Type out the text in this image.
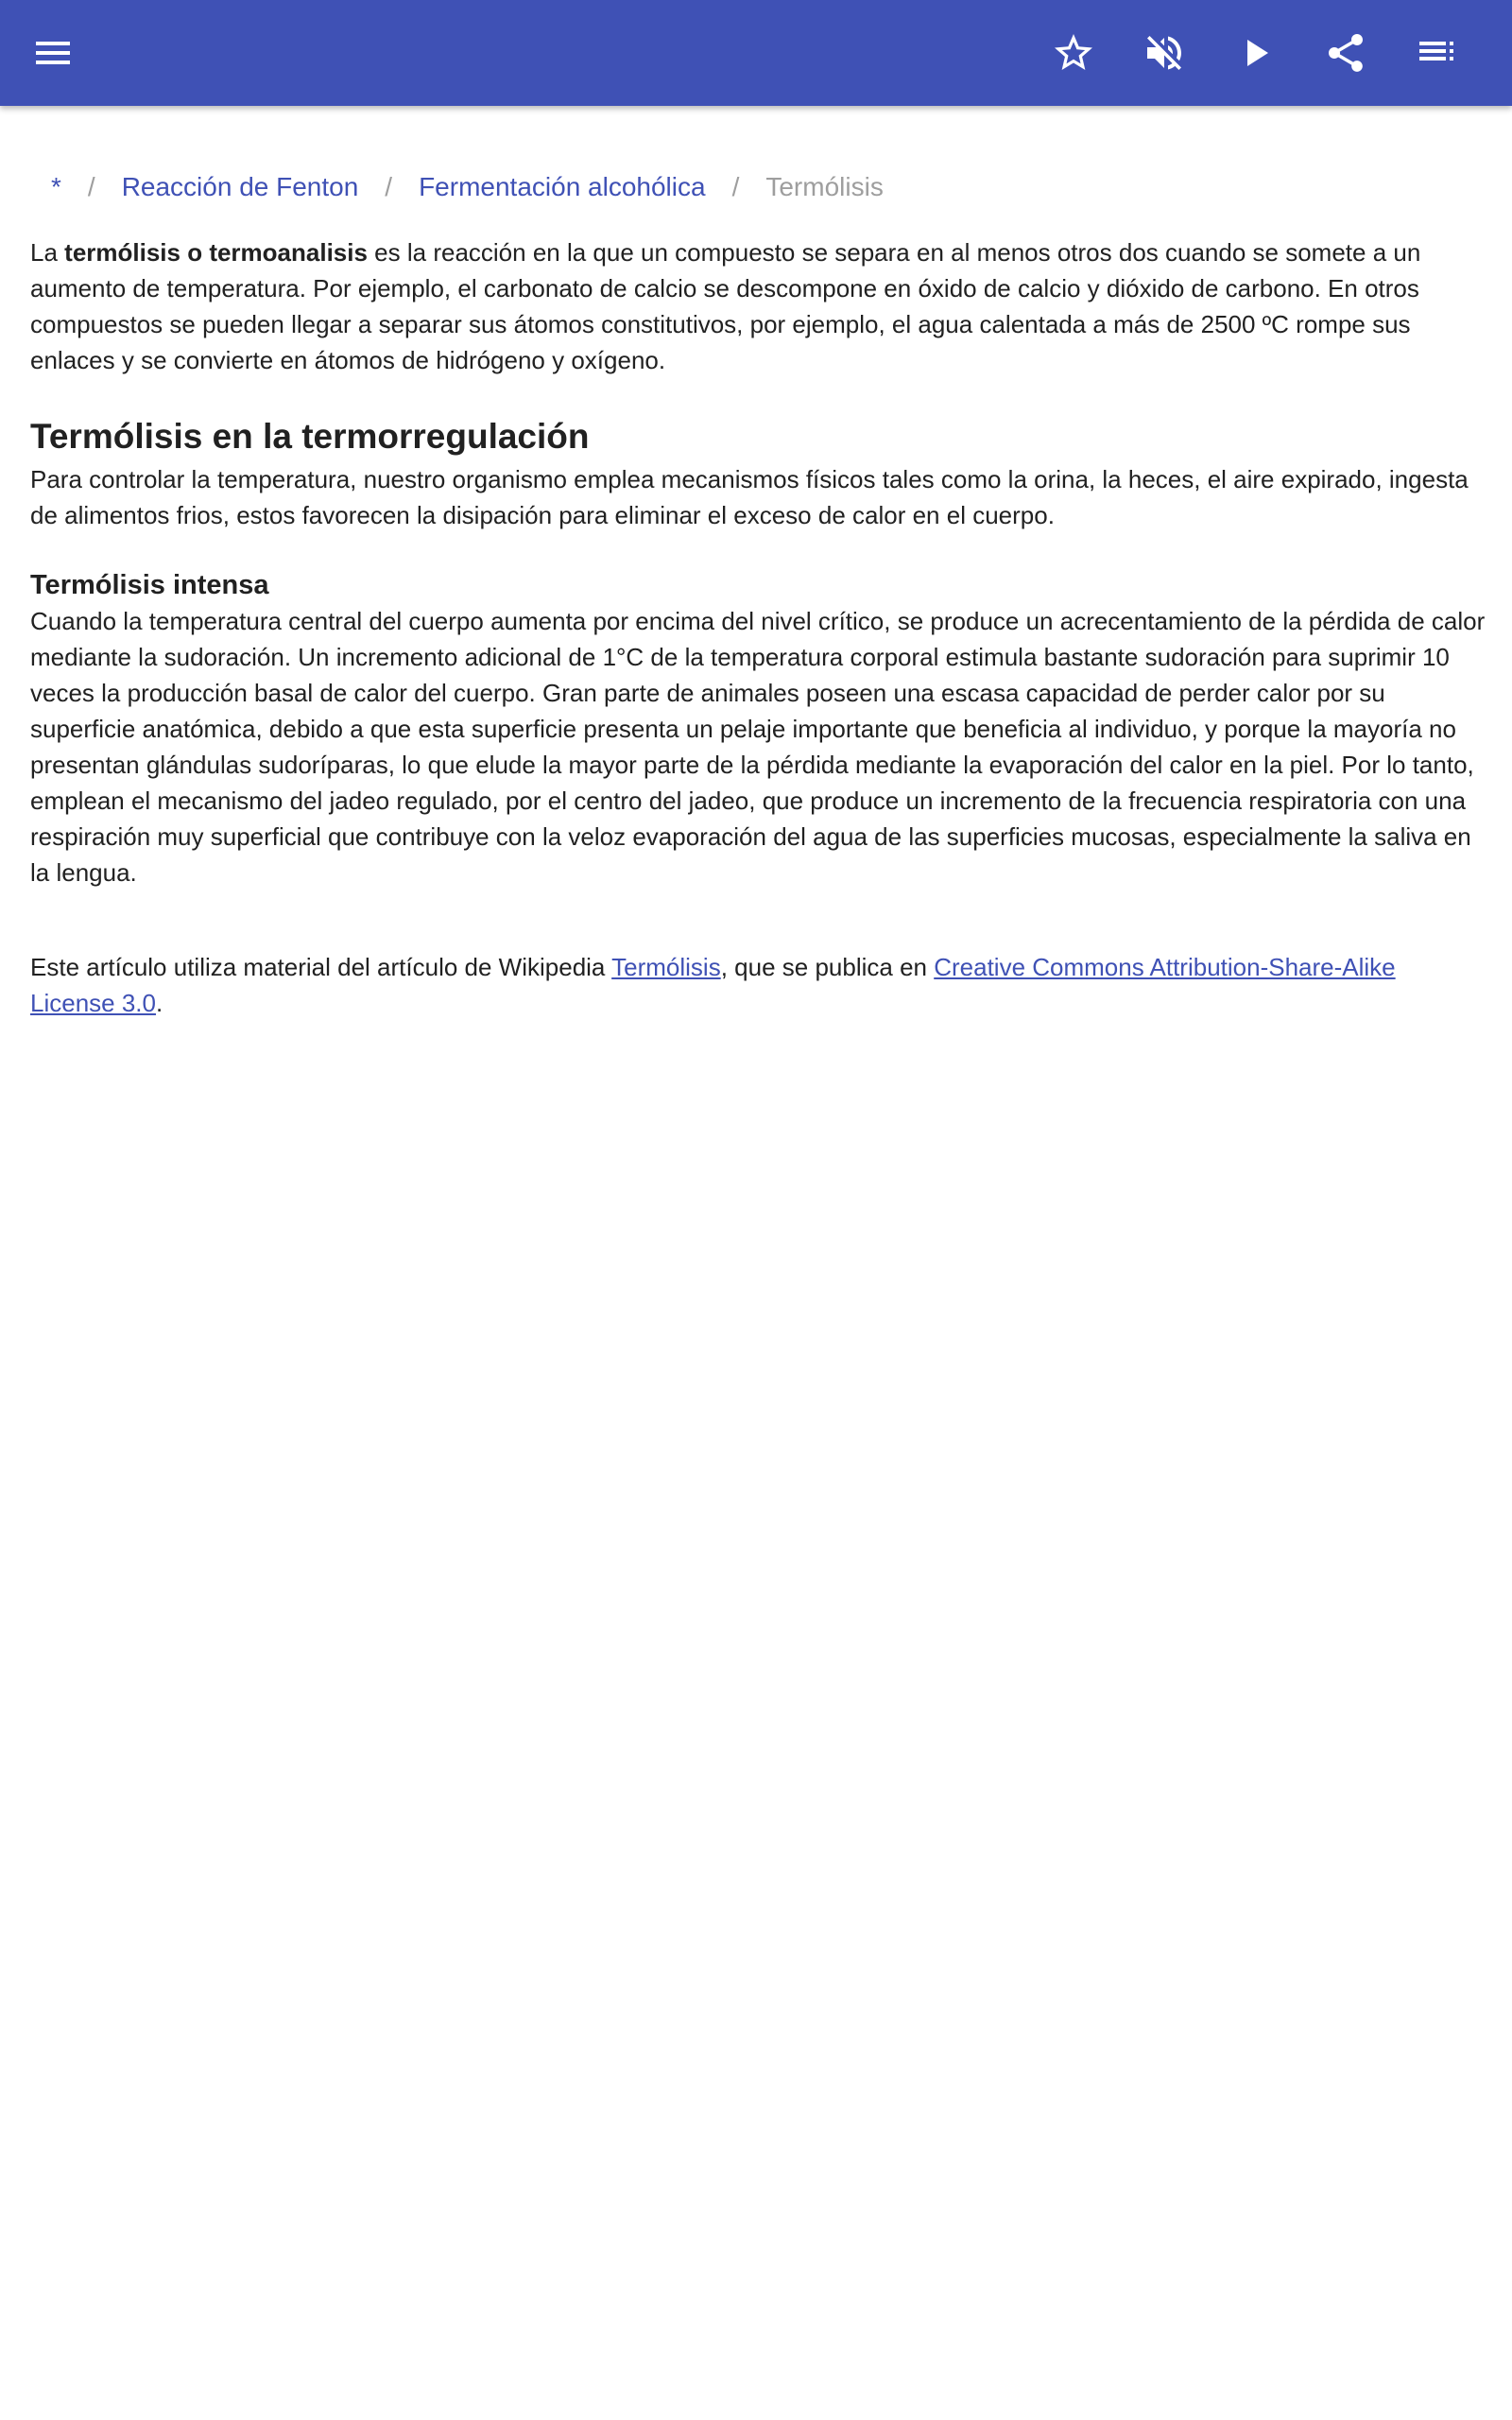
* / Reacción de Fenton / Fermentación alcohólica / Termólisis

La termólisis o termoanalisis es la reacción en la que un compuesto se separa en al menos otros dos cuando se somete a un aumento de temperatura. Por ejemplo, el carbonato de calcio se descompone en óxido de calcio y dióxido de carbono. En otros compuestos se pueden llegar a separar sus átomos constitutivos, por ejemplo, el agua calentada a más de 2500 ºC rompe sus enlaces y se convierte en átomos de hidrógeno y oxígeno.

Termólisis en la termorregulación

Para controlar la temperatura, nuestro organismo emplea mecanismos físicos tales como la orina, la heces, el aire expirado, ingesta de alimentos frios, estos favorecen la disipación para eliminar el exceso de calor en el cuerpo.

Termólisis intensa

Cuando la temperatura central del cuerpo aumenta por encima del nivel crítico, se produce un acrecentamiento de la pérdida de calor mediante la sudoración. Un incremento adicional de 1°C de la temperatura corporal estimula bastante sudoración para suprimir 10 veces la producción basal de calor del cuerpo. Gran parte de animales poseen una escasa capacidad de perder calor por su superficie anatómica, debido a que esta superficie presenta un pelaje importante que beneficia al individuo, y porque la mayoría no presentan glándulas sudoríparas, lo que elude la mayor parte de la pérdida mediante la evaporación del calor en la piel. Por lo tanto, emplean el mecanismo del jadeo regulado, por el centro del jadeo, que produce un incremento de la frecuencia respiratoria con una respiración muy superficial que contribuye con la veloz evaporación del agua de las superficies mucosas, especialmente la saliva en la lengua.

Este artículo utiliza material del artículo de Wikipedia Termólisis, que se publica en Creative Commons Attribution-Share-Alike License 3.0.
